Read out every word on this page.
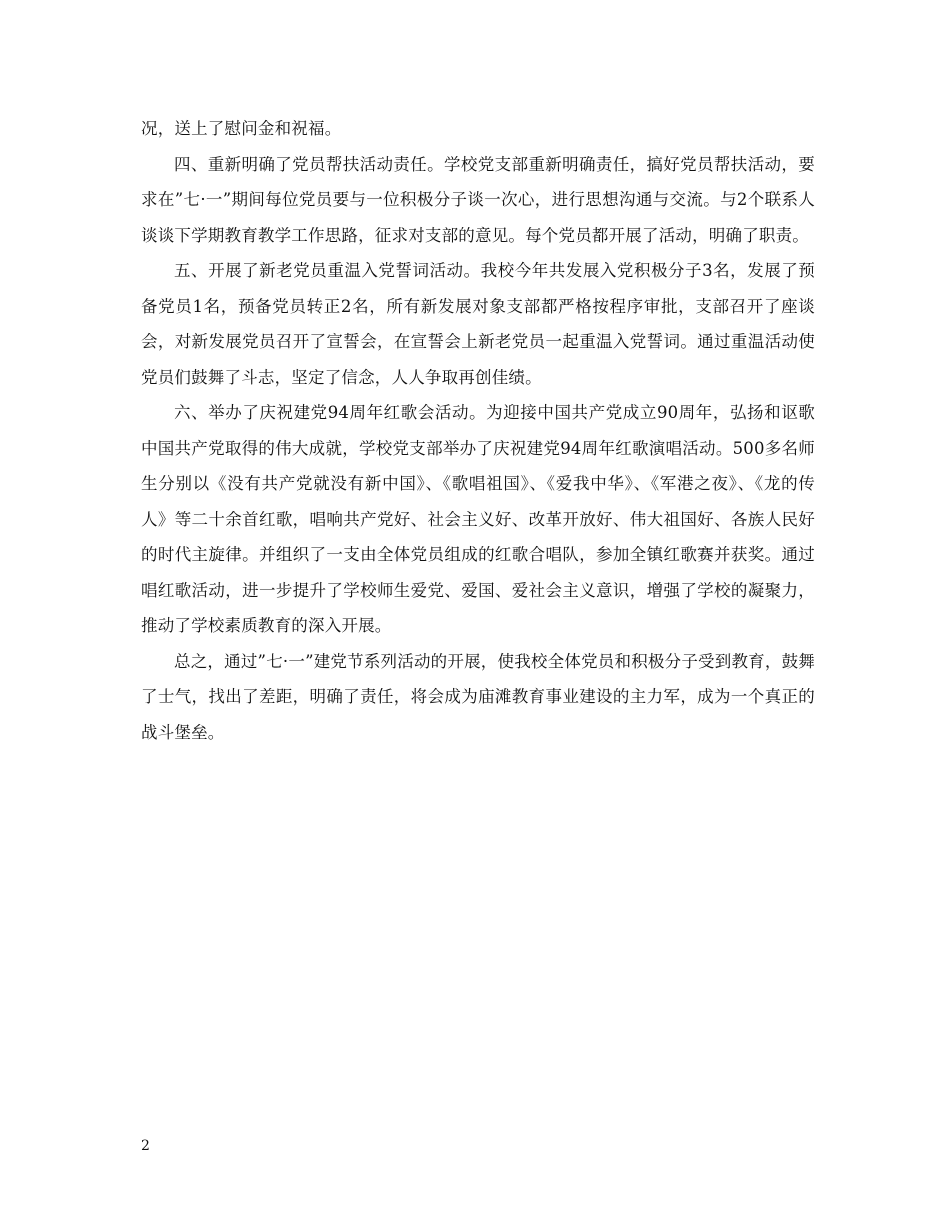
况，送上了慰问金和祝福。

四、重新明确了党员帮扶活动责任。学校党支部重新明确责任，搞好党员帮扶活动，要求在”七·一”期间每位党员要与一位积极分子谈一次心，进行思想沟通与交流。与2个联系人谈谈下学期教育教学工作思路，征求对支部的意见。每个党员都开展了活动，明确了职责。

五、开展了新老党员重温入党誓词活动。我校今年共发展入党积极分子3名，发展了预备党员1名，预备党员转正2名，所有新发展对象支部都严格按程序审批，支部召开了座谈会，对新发展党员召开了宣誓会，在宣誓会上新老党员一起重温入党誓词。通过重温活动使党员们鼓舞了斗志，坚定了信念，人人争取再创佳绩。

六、举办了庆祝建党94周年红歌会活动。为迎接中国共产党成立90周年，弘扬和讴歌中国共产党取得的伟大成就，学校党支部举办了庆祝建党94周年红歌演唱活动。500多名师生分别以《没有共产党就没有新中国》、《歌唱祖国》、《爱我中华》、《军港之夜》、《龙的传人》等二十余首红歌，唱响共产党好、社会主义好、改革开放好、伟大祖国好、各族人民好的时代主旋律。并组织了一支由全体党员组成的红歌合唱队，参加全镇红歌赛并获奖。通过唱红歌活动，进一步提升了学校师生爱党、爱国、爱社会主义意识，增强了学校的凝聚力，推动了学校素质教育的深入开展。

总之，通过”七·一”建党节系列活动的开展，使我校全体党员和积极分子受到教育，鼓舞了士气，找出了差距，明确了责任，将会成为庙滩教育事业建设的主力军，成为一个真正的战斗堡垒。

2
